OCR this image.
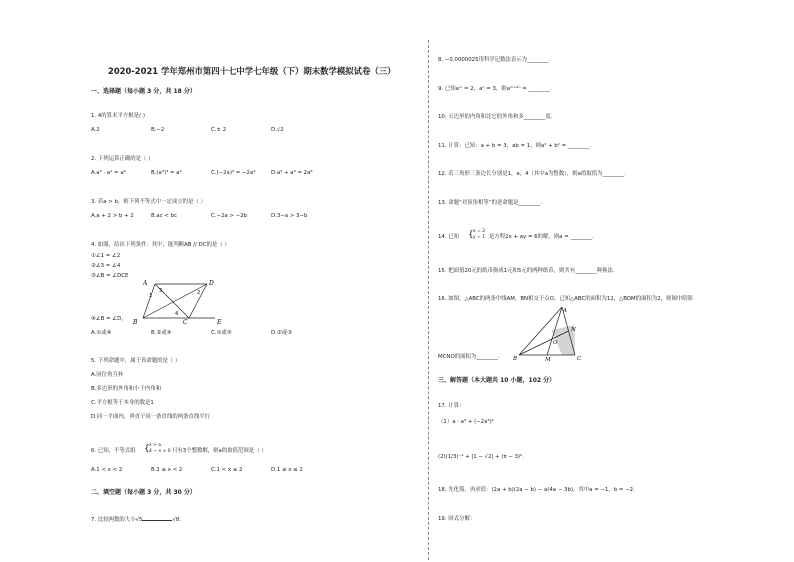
2020-2021 学年郑州市第四十七中学七年级（下）期末数学模拟试卷（三）
一、选择题（每小题 3 分，共 18 分）
1. 4的算术平方根是( )
A.2	B.−2	C.± 2	D.√2
2. 下列运算正确的是（ ）
A.a³ · a² = a⁶	B.(a³)³ = a⁶	C.(−2a)³ = −2a³	D.a³ + a³ = 2a⁶
3. 若a > b，则下列不等式中一定成立的是（ ）
A.a + 2 > b + 2	B.ac < bc	C.−2a > −2b	D.3−a > 3−b
4. 如图，给出下列条件：其中，能判断AB // DC的是（ ）
①∠1 = ∠2
②∠3 = ∠4
③∠B = ∠DCE
A	D
1	2
3
4
B	C	E
④∠B = ∠D，
A.①或④	B.②或④	C.①或③	D.②或③
5. 下列命题中，属于真命题的是（ ）
A.同位角互补
B.多边形的外角和小于内角和
C.平方根等于本身的数是1
D.同一平面内，垂直于同一条直线的两条直线平行
6. 已知，不等式组 { x > a
4 − x > 0 只有3个整数解，则a的取值范围是（ ）
A.1 < x < 2	B.1 ≤ x < 2	C.1 < x ≤ 2	D.1 ≤ x ≤ 2
二、填空题（每小题 3 分，共 30 分）
7. 比较两数的大小√5	√8.
8. −0.0000025用科学记数法表示为________.
9. 已知aᵐ = 2，aⁿ = 3，则aᵐ⁺²ⁿ = ________.
10. 五边形的内角和比它的外角和多________度.
11. 计算：已知：a + b = 3，ab = 1，则a² + b² = ________.
12. 若三角形三条边长分别是1，a，4（其中a为整数），则a的取值为________.
13. 命题“对顶角相等”的逆命题是________.
14. 已知 { x = 2
y = 1 是方程2x + ay = 6的解，则a = ________.
15. 把面值20元的纸币换成1元和5元的两种纸币，则共有________种换法.
16. 如图，△ABC的两条中线AM，BN相交于点O，已知△ABC的面积为12，△BOM的面积为2，则图中阴影
A
N
O
B	M	C
MCNO的面积为________.
三、解答题（本大题共 10 小题，102 分）
17. 计算：
（1）a · a⁵ + (−2a³)²
(2)(1/3)⁻² + |1 − √2| + (π − 3)⁰.
18. 先化简，再求值：(2a + b)(2a − b) − a(4a − 3b)，其中a = −1，b = −2.
19. 因式分解：
